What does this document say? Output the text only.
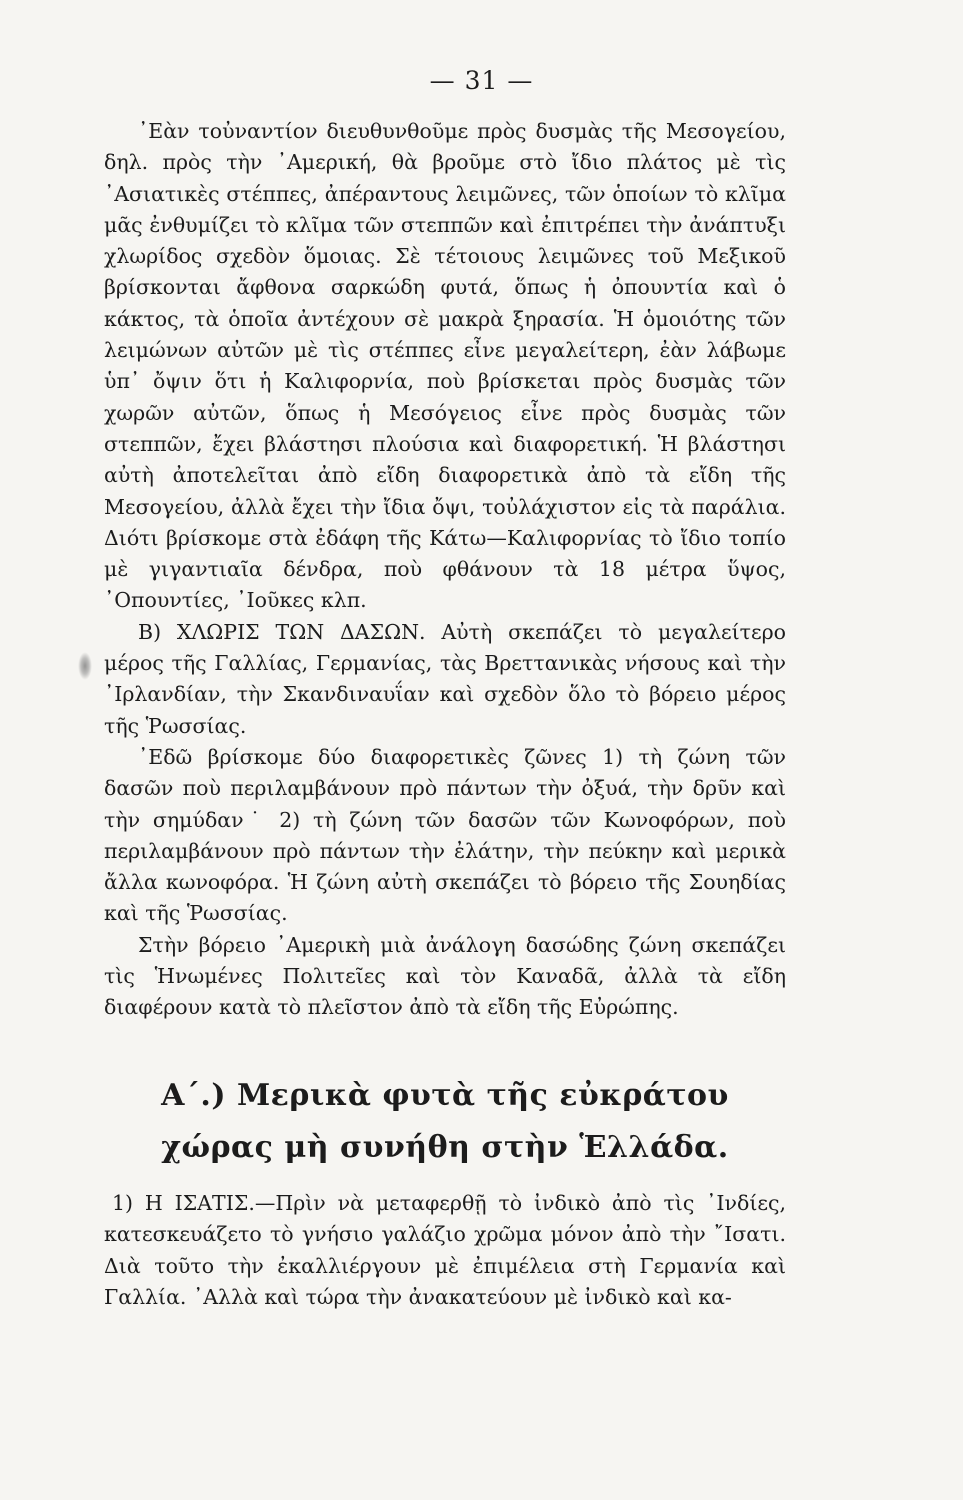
— 31 —

᾿Εὰν τοὐναντίον διευθυνθοῦμε πρὸς δυσμὰς τῆς Μεσογείου, δηλ. πρὸς τὴν ᾿Αμερική, θὰ βροῦμε στὸ ἴδιο πλάτος μὲ τὶς ᾿Ασιατικὲς στέππες, ἀπέραντους λειμῶνες, τῶν ὁποίων τὸ κλῖμα μᾶς ἐνθυμίζει τὸ κλῖμα τῶν στεππῶν καὶ ἐπιτρέπει τὴν ἀνάπτυξι χλωρίδος σχεδὸν ὅμοιας. Σὲ τέτοιους λειμῶνες τοῦ Μεξικοῦ βρίσκονται ἄφθονα σαρκώδη φυτά, ὅπως ἡ ὀπουντία καὶ ὁ κάκτος, τὰ ὁποῖα ἀντέχουν σὲ μακρὰ ξηρασία. Ἡ ὁμοιότης τῶν λειμώνων αὐτῶν μὲ τὶς στέππες εἶνε μεγαλείτερη, ἐὰν λάβωμε ὑπ᾿ ὄψιν ὅτι ἡ Καλιφορνία, ποὺ βρίσκεται πρὸς δυσμὰς τῶν χωρῶν αὐτῶν, ὅπως ἡ Μεσόγειος εἶνε πρὸς δυσμὰς τῶν στεππῶν, ἔχει βλάστησι πλούσια καὶ διαφορετική. Ἡ βλάστησι αὐτὴ ἀποτελεῖται ἀπὸ εἴδη διαφορετικὰ ἀπὸ τὰ εἴδη τῆς Μεσογείου, ἀλλὰ ἔχει τὴν ἴδια ὄψι, τοὐλάχιστον εἰς τὰ παράλια. Διότι βρίσκομε στὰ ἐδάφη τῆς Κάτω—Καλιφορνίας τὸ ἴδιο τοπίο μὲ γιγαντιαῖα δένδρα, ποὺ φθάνουν τὰ 18 μέτρα ὕψος, ᾿Οπουντίες, ᾿Ιοῦκες κλπ.

Β) ΧΛΩΡΙΣ ΤΩΝ ΔΑΣΩΝ. Αὐτὴ σκεπάζει τὸ μεγαλείτερο μέρος τῆς Γαλλίας, Γερμανίας, τὰς Βρεττανικὰς νήσους καὶ τὴν ᾿Ιρλανδίαν, τὴν Σκανδιναυΐαν καὶ σχεδὸν ὅλο τὸ βόρειο μέρος τῆς Ῥωσσίας.

᾿Εδῶ βρίσκομε δύο διαφορετικὲς ζῶνες 1) τὴ ζώνη τῶν δασῶν ποὺ περιλαμβάνουν πρὸ πάντων τὴν ὀξυά, τὴν δρῦν καὶ τὴν σημύδαν˙ 2) τὴ ζώνη τῶν δασῶν τῶν Κωνοφόρων, ποὺ περιλαμβάνουν πρὸ πάντων τὴν ἐλάτην, τὴν πεύκην καὶ μερικὰ ἄλλα κωνοφόρα. Ἡ ζώνη αὐτὴ σκεπάζει τὸ βόρειο τῆς Σουηδίας καὶ τῆς Ῥωσσίας.

Στὴν βόρειο ᾿Αμερικὴ μιὰ ἀνάλογη δασώδης ζώνη σκεπάζει τὶς Ἡνωμένες Πολιτεῖες καὶ τὸν Καναδᾶ, ἀλλὰ τὰ εἴδη διαφέρουν κατὰ τὸ πλεῖστον ἀπὸ τὰ εἴδη τῆς Εὐρώπης.

Α΄.) Μερικὰ φυτὰ τῆς εὐκράτου
χώρας μὴ συνήθη στὴν Ἑλλάδα.

1) Η ΙΣΑΤΙΣ.—Πρὶν νὰ μεταφερθῇ τὸ ἰνδικὸ ἀπὸ τὶς ᾿Ινδίες, κατεσκευάζετο τὸ γνήσιο γαλάζιο χρῶμα μόνον ἀπὸ τὴν ῎Ισατι. Διὰ τοῦτο τὴν ἐκαλλιέργουν μὲ ἐπιμέλεια στὴ Γερμανία καὶ Γαλλία. ᾿Αλλὰ καὶ τώρα τὴν ἀνακατεύουν μὲ ἰνδικὸ καὶ κα-
